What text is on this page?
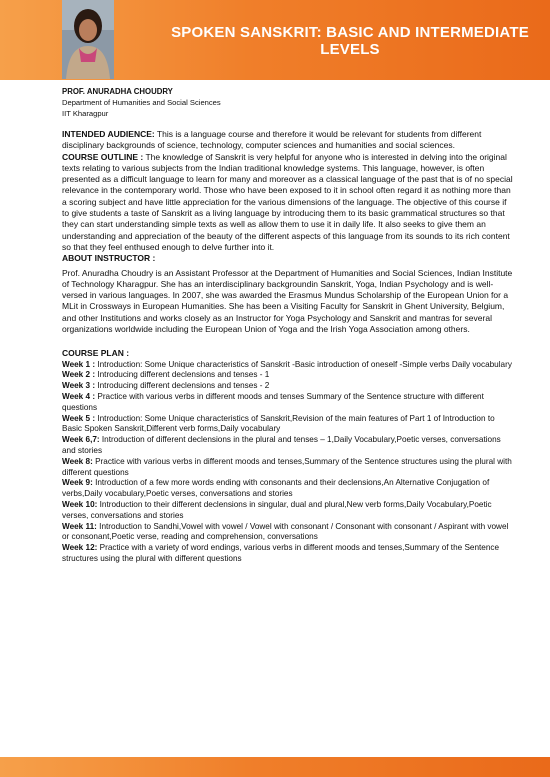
SPOKEN SANSKRIT: BASIC AND INTERMEDIATE
LEVELS
PROF. ANURADHA CHOUDRY
Department of Humanities and Social Sciences
IIT Kharagpur

INTENDED AUDIENCE: This is a language course and therefore it would be relevant for students from different disciplinary backgrounds of science, technology, computer sciences and humanities and social sciences.

COURSE OUTLINE : The knowledge of Sanskrit is very helpful for anyone who is interested in delving into the original texts relating to various subjects from the Indian traditional knowledge systems. This language, however, is often presented as a difficult language to learn for many and moreover as a classical language of the past that is of no special relevance in the contemporary world. Those who have been exposed to it in school often regard it as nothing more than a scoring subject and have little appreciation for the various dimensions of the language. The objective of this course if to give students a taste of Sanskrit as a living language by introducing them to its basic grammatical structures so that they can start understanding simple texts as well as allow them to use it in daily life. It also seeks to give them an understanding and appreciation of the beauty of the different aspects of this language from its sounds to its rich content so that they feel enthused enough to delve further into it.

ABOUT INSTRUCTOR :

Prof. Anuradha Choudry is an Assistant Professor at the Department of Humanities and Social Sciences, Indian Institute of Technology Kharagpur. She has an interdisciplinary backgroundin Sanskrit, Yoga, Indian Psychology and is well-versed in various languages. In 2007, she was awarded the Erasmus Mundus Scholarship of the European Union for a MLit in Crossways in European Humanities. She has been a Visiting Faculty for Sanskrit in Ghent University, Belgium, and other Institutions and works closely as an Instructor for Yoga Psychology and Sanskrit and mantras for several organizations worldwide including the European Union of Yoga and the Irish Yoga Association among others.

COURSE PLAN :

Week 1 : Introduction: Some Unique characteristics of Sanskrit -Basic introduction of oneself -Simple verbs Daily vocabulary

Week 2 : Introducing different declensions and tenses - 1

Week 3 : Introducing different declensions and tenses - 2

Week 4 : Practice with various verbs in different moods and tenses Summary of the Sentence structure with different questions

Week 5 : Introduction: Some Unique characteristics of Sanskrit,Revision of the main features of Part 1 of Introduction to Basic Spoken Sanskrit,Different verb forms,Daily vocabulary

Week 6,7: Introduction of different declensions in the plural and tenses – 1,Daily Vocabulary,Poetic verses, conversations and stories

Week 8: Practice with various verbs in different moods and tenses,Summary of the Sentence structures using the plural with different questions

Week 9: Introduction of a few more words ending with consonants and their declensions,An Alternative Conjugation of verbs,Daily vocabulary,Poetic verses, conversations and stories

Week 10: Introduction to their different declensions in singular, dual and plural,New verb forms,Daily Vocabulary,Poetic verses, conversations and stories

Week 11: Introduction to Sandhi,Vowel with vowel / Vowel with consonant / Consonant with consonant / Aspirant with vowel or consonant,Poetic verse, reading and comprehension, conversations

Week 12: Practice with a variety of word endings, various verbs in different moods and tenses,Summary of the Sentence structures using the plural with different questions
